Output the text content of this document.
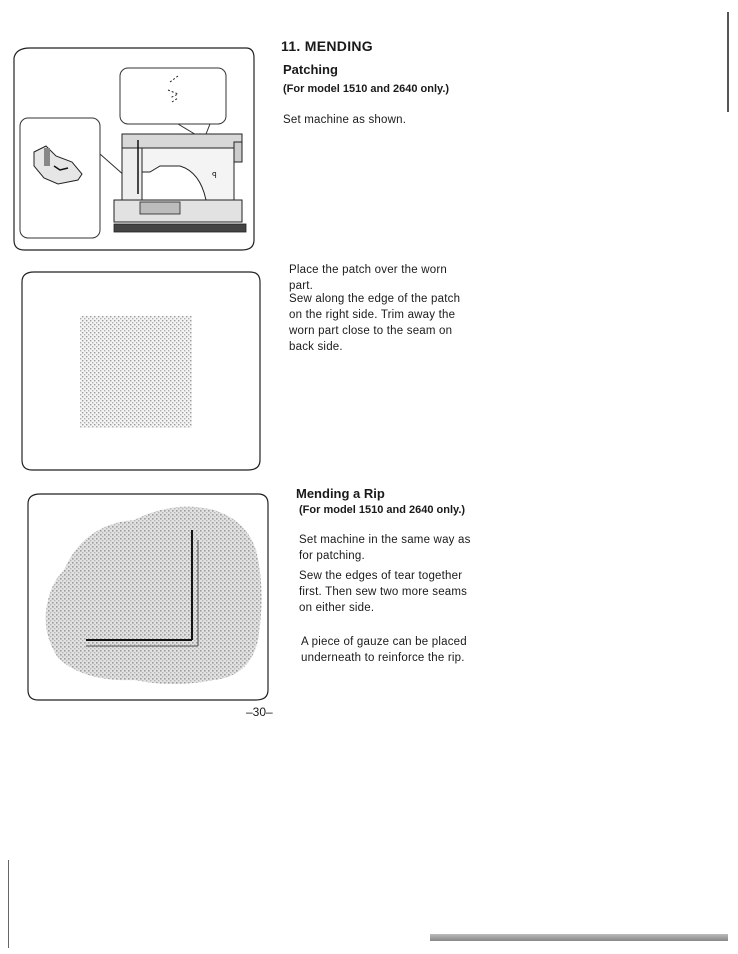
ꟼ
11. MENDING
Patching
(For model 1510 and 2640 only.)
Set machine as shown.
Place the patch over the worn part.
Sew along the edge of the patch on the right side. Trim away the worn part close to the seam on back side.
Mending a Rip
(For model 1510 and 2640 only.)
Set machine in the same way as for patching.
Sew the edges of tear together first. Then sew two more seams on either side.
A piece of gauze can be placed underneath to reinforce the rip.
–30–
